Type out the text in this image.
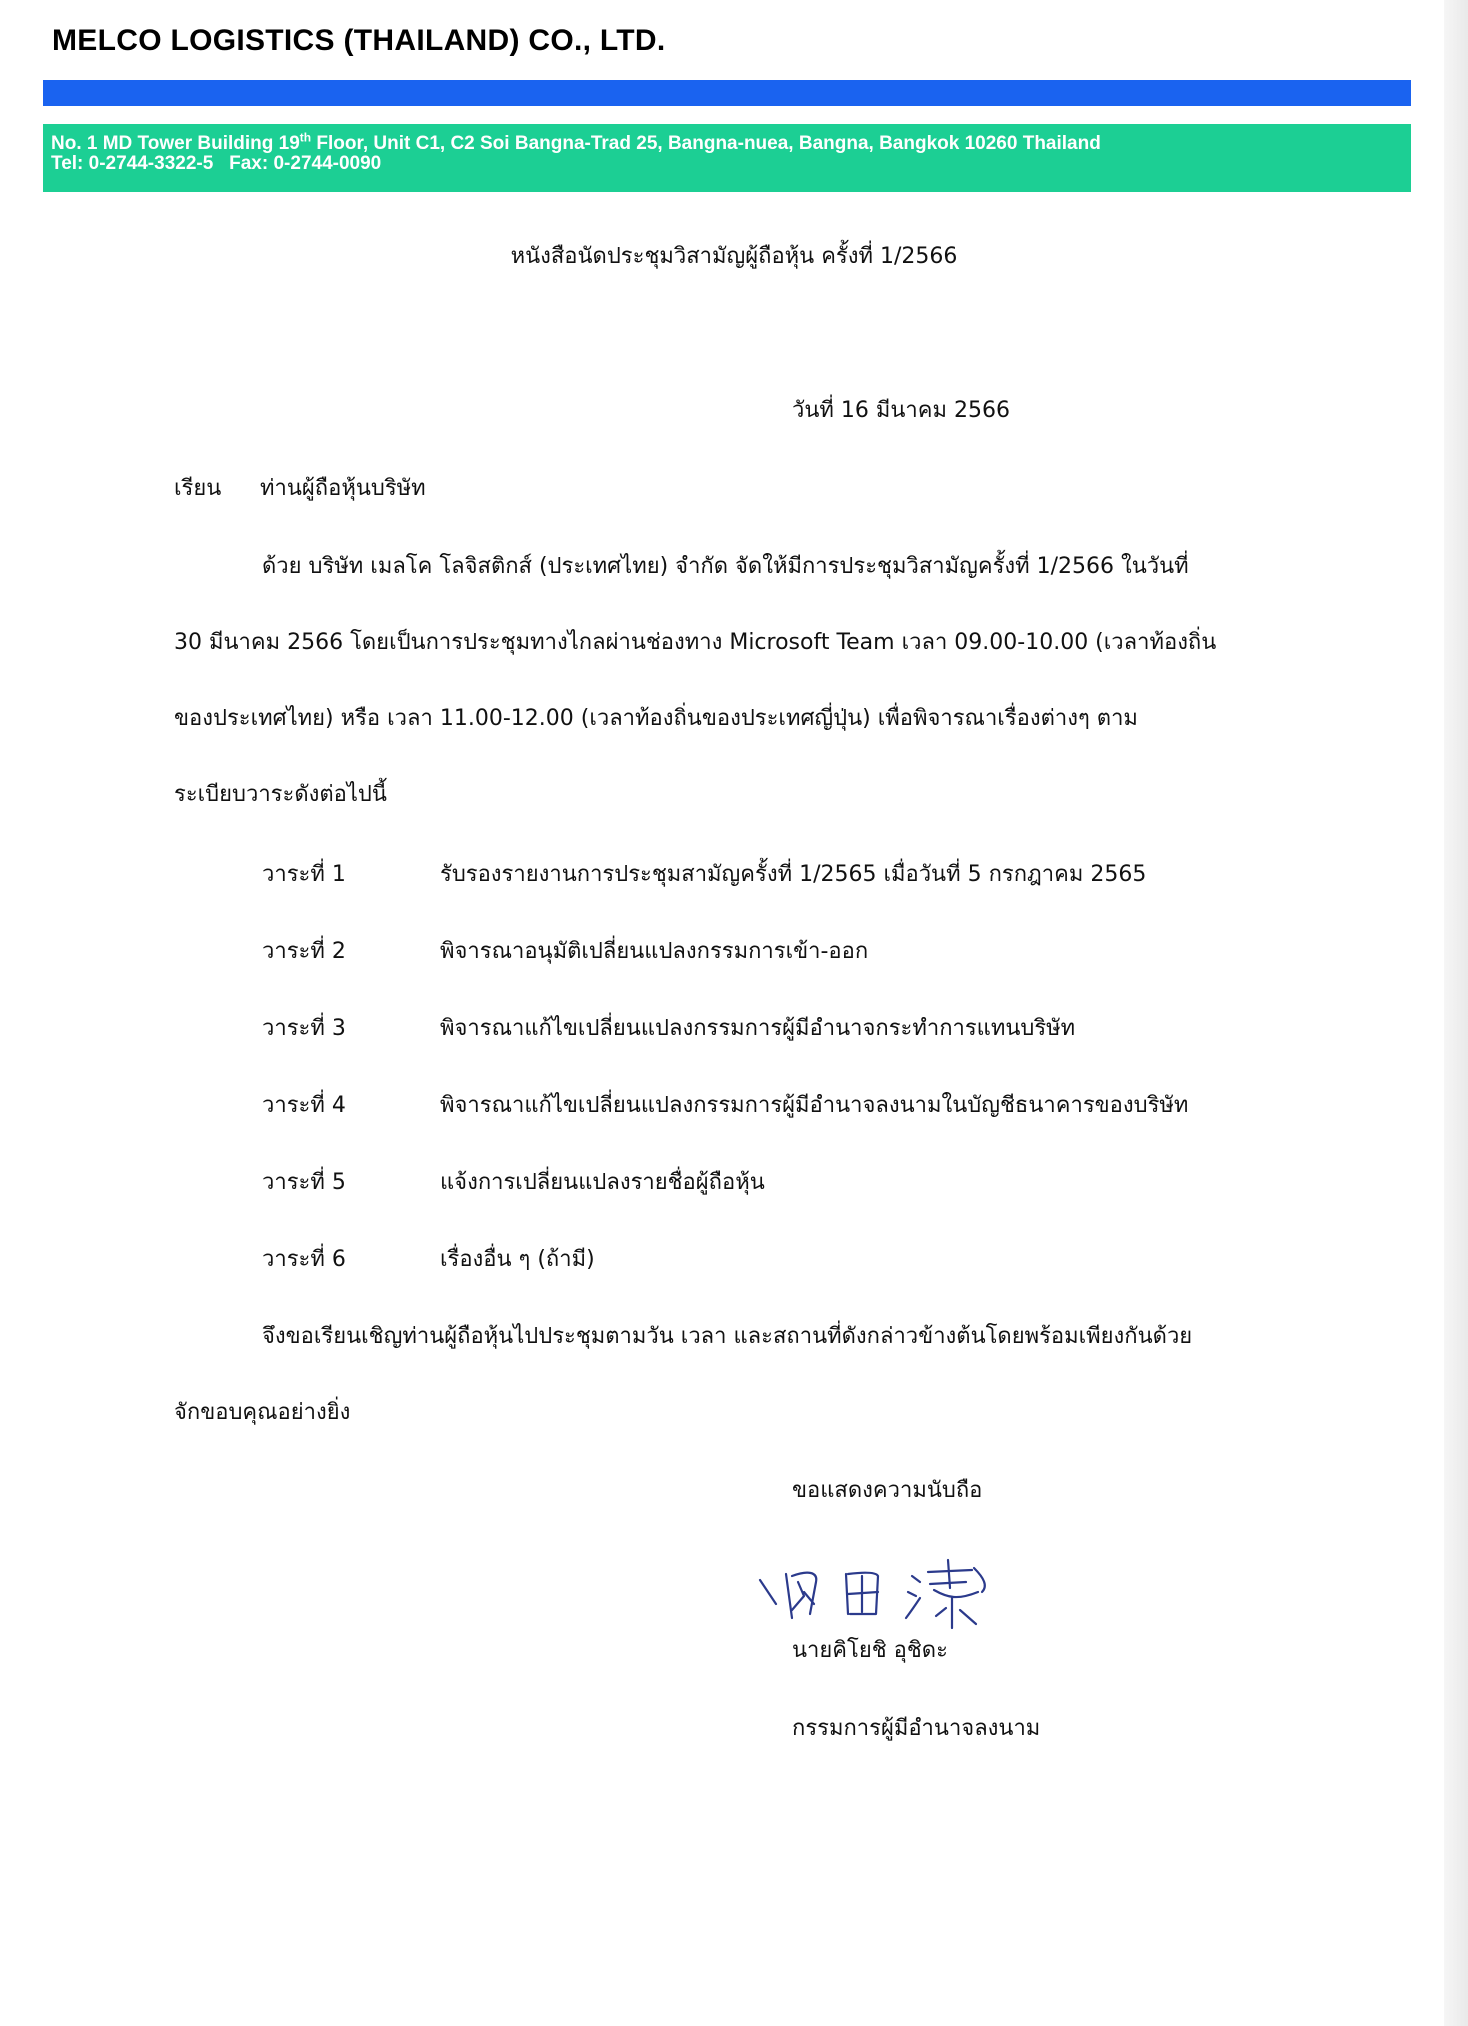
MELCO LOGISTICS (THAILAND) CO., LTD.
No. 1 MD Tower Building 19th Floor, Unit C1, C2 Soi Bangna-Trad 25, Bangna-nuea, Bangna, Bangkok 10260 Thailand
Tel: 0-2744-3322-5   Fax: 0-2744-0090
หนังสือนัดประชุมวิสามัญผู้ถือหุ้น ครั้งที่ 1/2566
วันที่ 16 มีนาคม 2566
เรียน ท่านผู้ถือหุ้นบริษัท
ด้วย บริษัท เมลโค โลจิสติกส์ (ประเทศไทย) จำกัด จัดให้มีการประชุมวิสามัญครั้งที่ 1/2566 ในวันที่
30 มีนาคม 2566 โดยเป็นการประชุมทางไกลผ่านช่องทาง Microsoft Team เวลา 09.00-10.00 (เวลาท้องถิ่น
ของประเทศไทย) หรือ เวลา 11.00-12.00 (เวลาท้องถิ่นของประเทศญี่ปุ่น) เพื่อพิจารณาเรื่องต่างๆ ตาม
ระเบียบวาระดังต่อไปนี้
วาระที่ 1	รับรองรายงานการประชุมสามัญครั้งที่ 1/2565 เมื่อวันที่ 5 กรกฎาคม 2565
วาระที่ 2	พิจารณาอนุมัติเปลี่ยนแปลงกรรมการเข้า-ออก
วาระที่ 3	พิจารณาแก้ไขเปลี่ยนแปลงกรรมการผู้มีอำนาจกระทำการแทนบริษัท
วาระที่ 4	พิจารณาแก้ไขเปลี่ยนแปลงกรรมการผู้มีอำนาจลงนามในบัญชีธนาคารของบริษัท
วาระที่ 5	แจ้งการเปลี่ยนแปลงรายชื่อผู้ถือหุ้น
วาระที่ 6	เรื่องอื่น ๆ (ถ้ามี)
จึงขอเรียนเชิญท่านผู้ถือหุ้นไปประชุมตามวัน เวลา และสถานที่ดังกล่าวข้างต้นโดยพร้อมเพียงกันด้วย
จักขอบคุณอย่างยิ่ง
ขอแสดงความนับถือ
นายคิโยชิ อุชิดะ
กรรมการผู้มีอำนาจลงนาม
